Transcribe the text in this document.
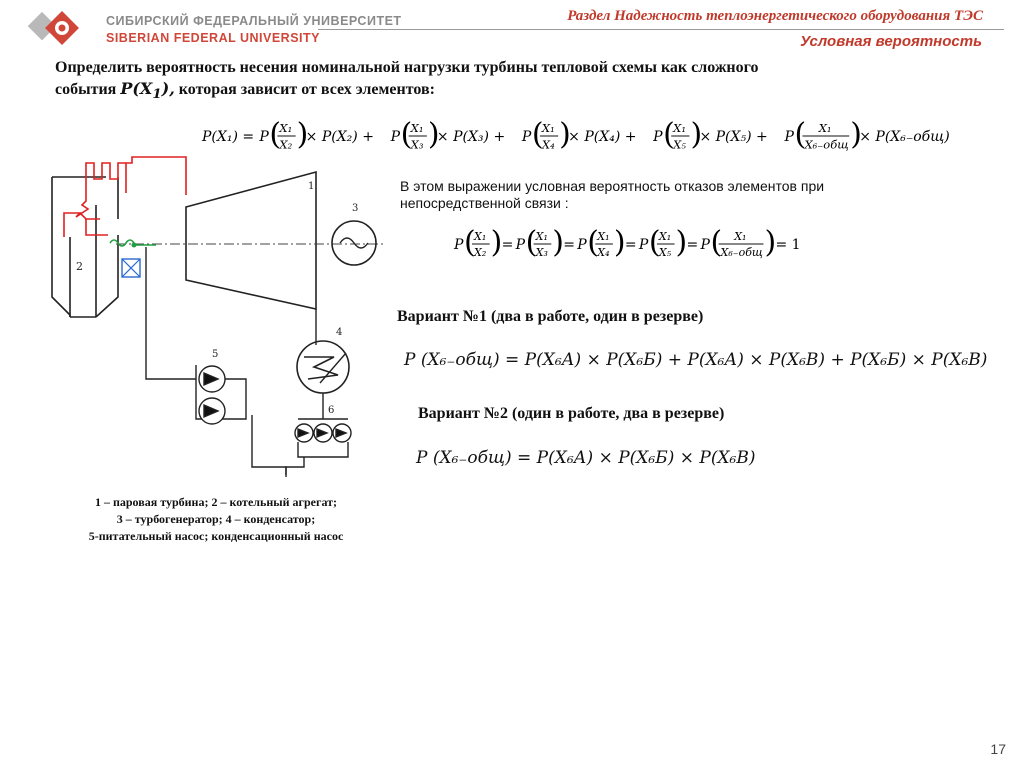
СИБИРСКИЙ ФЕДЕРАЛЬНЫЙ УНИВЕРСИТЕТ
SIBERIAN FEDERAL UNIVERSITY
Раздел Надежность теплоэнергетического оборудования ТЭС
Условная вероятность
Определить вероятность несения номинальной нагрузки турбины тепловой схемы как сложного
события $P(X_1)$, которая зависит от всех элементов:
P(X₁) = P (
X₁
X₂ )
× P(X₂) + P (
X₁
X₃ )
× P(X₃) + P (
X₁
X₄ )
× P(X₄) + P (
X₁
X₅ )
× P(X₅) + P ( X₁
X₆₋общ )
× P(X₆₋общ)
2
1
3
4
6
5
В этом выражении условная вероятность отказов элементов при непосредственной связи :
P (
X₁
X₂ ) = P (
X₁
X₃ ) = P (
X₁
X₄ ) = P (
X₁
X₅ ) = P ( X₁
X₆₋общ ) = 1
Вариант №1 (два в работе, один в резерве)
P (X₆₋общ) = P(X₆А) × P(X₆Б) + P(X₆А) × P(X₆В) + P(X₆Б) × P(X₆В)
Вариант №2 (один в работе, два в резерве)
P (X₆₋общ) = P(X₆А) × P(X₆Б) × P(X₆В)
1 – паровая турбина; 2 – котельный агрегат;
3 – турбогенератор; 4 – конденсатор;
5-питательный насос; конденсационный насос
17
